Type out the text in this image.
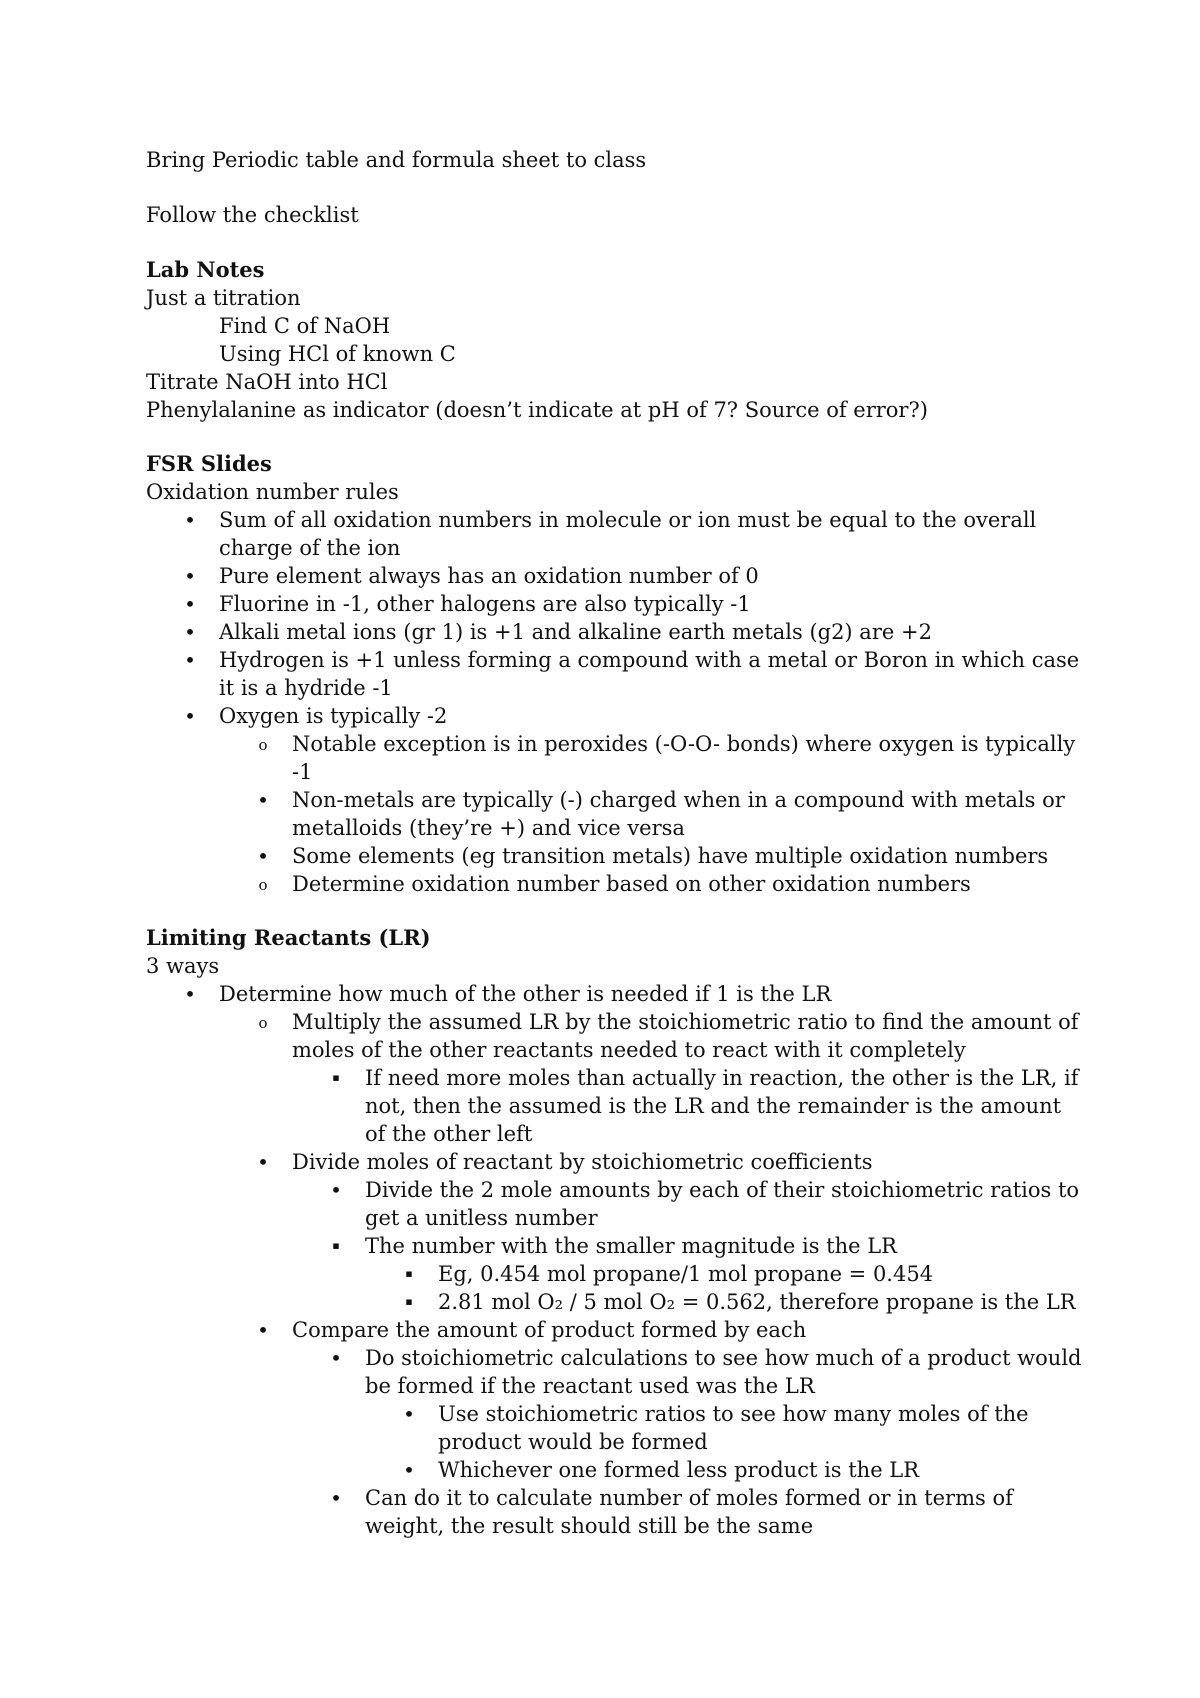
Bring Periodic table and formula sheet to class

Follow the checklist

Lab Notes

Just a titration

Find C of NaOH

Using HCl of known C

Titrate NaOH into HCl

Phenylalanine as indicator (doesn’t indicate at pH of 7? Source of error?)

FSR Slides

Oxidation number rules

• Sum of all oxidation numbers in molecule or ion must be equal to the overall charge of the ion
• Pure element always has an oxidation number of 0
• Fluorine in -1, other halogens are also typically -1
• Alkali metal ions (gr 1) is +1 and alkaline earth metals (g2) are +2
• Hydrogen is +1 unless forming a compound with a metal or Boron in which case it is a hydride -1
• Oxygen is typically -2
o Notable exception is in peroxides (-O-O- bonds) where oxygen is typically -1
• Non-metals are typically (-) charged when in a compound with metals or metalloids (they’re +) and vice versa
• Some elements (eg transition metals) have multiple oxidation numbers
o Determine oxidation number based on other oxidation numbers

Limiting Reactants (LR)

3 ways

• Determine how much of the other is needed if 1 is the LR
o Multiply the assumed LR by the stoichiometric ratio to find the amount of moles of the other reactants needed to react with it completely
▪ If need more moles than actually in reaction, the other is the LR, if not, then the assumed is the LR and the remainder is the amount of the other left
• Divide moles of reactant by stoichiometric coefficients
• Divide the 2 mole amounts by each of their stoichiometric ratios to get a unitless number
▪ The number with the smaller magnitude is the LR
▪ Eg, 0.454 mol propane/1 mol propane = 0.454
▪ 2.81 mol O₂ / 5 mol O₂ = 0.562, therefore propane is the LR
• Compare the amount of product formed by each
• Do stoichiometric calculations to see how much of a product would be formed if the reactant used was the LR
• Use stoichiometric ratios to see how many moles of the product would be formed
• Whichever one formed less product is the LR
• Can do it to calculate number of moles formed or in terms of weight, the result should still be the same
